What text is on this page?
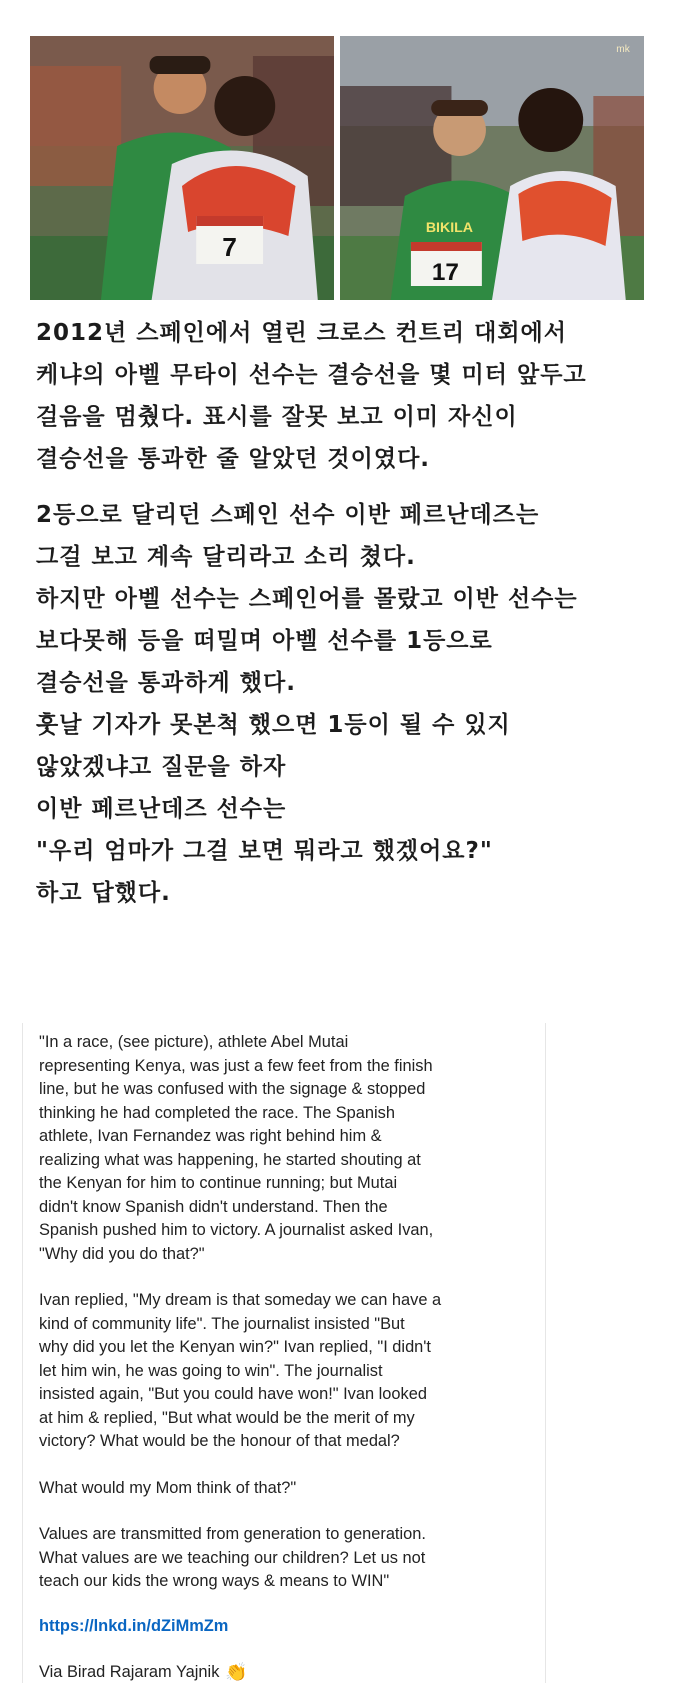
7
BIKILA
17
mk
2012년 스페인에서 열린 크로스 컨트리 대회에서
케냐의 아벨 무타이 선수는 결승선을 몇 미터 앞두고
걸음을 멈췄다. 표시를 잘못 보고 이미 자신이
결승선을 통과한 줄 알았던 것이였다.
2등으로 달리던 스페인 선수 이반 페르난데즈는
그걸 보고 계속 달리라고 소리 쳤다.
하지만 아벨 선수는 스페인어를 몰랐고 이반 선수는
보다못해 등을 떠밀며 아벨 선수를 1등으로
결승선을 통과하게 했다.
훗날 기자가 못본척 했으면 1등이 될 수 있지
않았겠냐고 질문을 하자
이반 페르난데즈 선수는
"우리 엄마가 그걸 보면 뭐라고 했겠어요?"
하고 답했다.

"In a race, (see picture), athlete Abel Mutai
representing Kenya, was just a few feet from the finish
line, but he was confused with the signage & stopped
thinking he had completed the race. The Spanish
athlete, Ivan Fernandez was right behind him &
realizing what was happening, he started shouting at
the Kenyan for him to continue running; but Mutai
didn't know Spanish didn't understand. Then the
Spanish pushed him to victory. A journalist asked Ivan,
"Why did you do that?"

Ivan replied, "My dream is that someday we can have a
kind of community life". The journalist insisted "But
why did you let the Kenyan win?" Ivan replied, "I didn't
let him win, he was going to win". The journalist
insisted again, "But you could have won!" Ivan looked
at him & replied, "But what would be the merit of my
victory? What would be the honour of that medal?

What would my Mom think of that?"

Values are transmitted from generation to generation.
What values are we teaching our children? Let us not
teach our kids the wrong ways & means to WIN"

https://lnkd.in/dZiMmZm
Via Birad Rajaram Yajnik 👏
